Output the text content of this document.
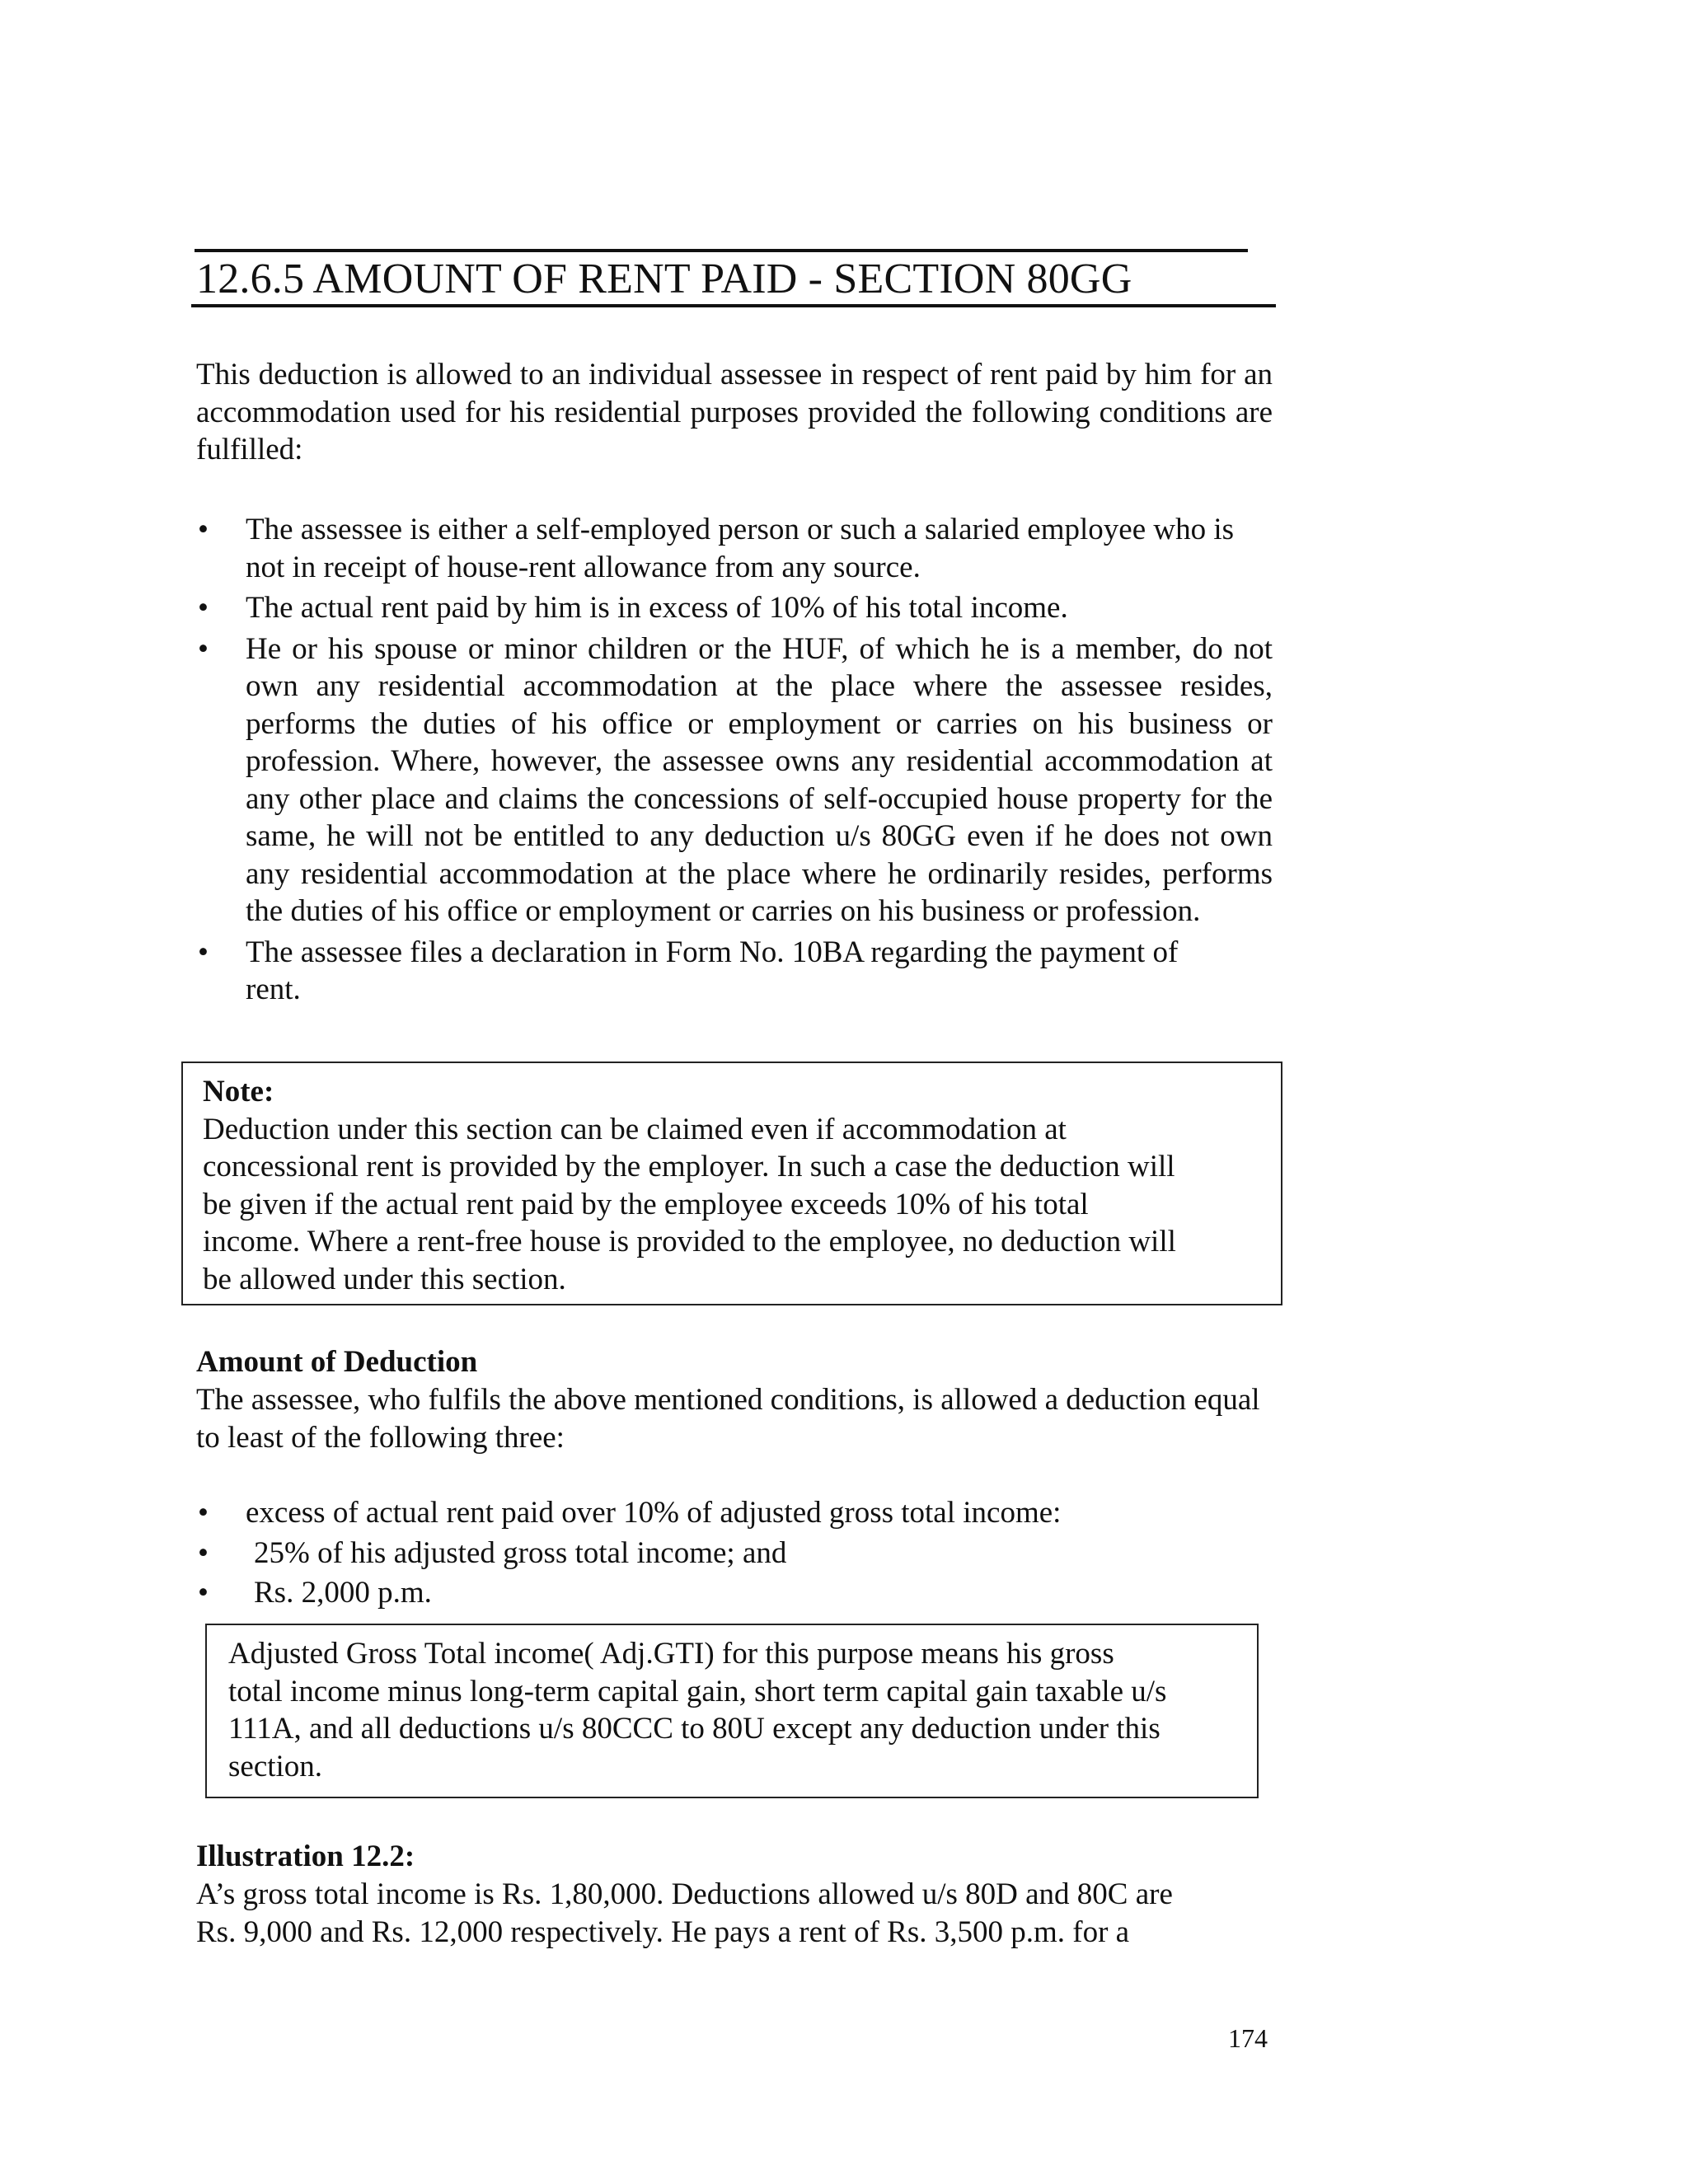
12.6.5 AMOUNT OF RENT PAID - SECTION 80GG

This deduction is allowed to an individual assessee in respect of rent paid by him for an accommodation used for his residential purposes provided the following conditions are fulfilled:

•	The assessee is either a self-employed person or such a salaried employee who is not in receipt of house-rent allowance from any source.
•	The actual rent paid by him is in excess of 10% of his total income.
•	He or his spouse or minor children or the HUF, of which he is a member, do not own any residential accommodation at the place where the assessee resides, performs the duties of his office or employment or carries on his business or profession. Where, however, the assessee owns any residential accommodation at any other place and claims the concessions of self-occupied house property for the same, he will not be entitled to any deduction u/s 80GG even if he does not own any residential accommodation at the place where he ordinarily resides, performs the duties of his office or employment or carries on his business or profession.
•	The assessee files a declaration in Form No. 10BA regarding the payment of rent.
Note:
Deduction under this section can be claimed even if accommodation at
concessional rent is provided by the employer. In such a case the deduction will
be given if the actual rent paid by the employee exceeds 10% of his total
income. Where a rent-free house is provided to the employee, no deduction will
be allowed under this section.
Amount of Deduction

The assessee, who fulfils the above mentioned conditions, is allowed a deduction equal to least of the following three:

•	excess of actual rent paid over 10% of adjusted gross total income:
•	25% of his adjusted gross total income; and
•	Rs. 2,000 p.m.
Adjusted Gross Total income( Adj.GTI) for this purpose means his gross
total income minus long-term capital gain, short term capital gain taxable u/s
111A, and all deductions u/s 80CCC to 80U except any deduction under this
section.
Illustration 12.2:
A’s gross total income is Rs. 1,80,000. Deductions allowed u/s 80D and 80C are
Rs. 9,000 and Rs. 12,000 respectively. He pays a rent of Rs. 3,500 p.m. for a
174
